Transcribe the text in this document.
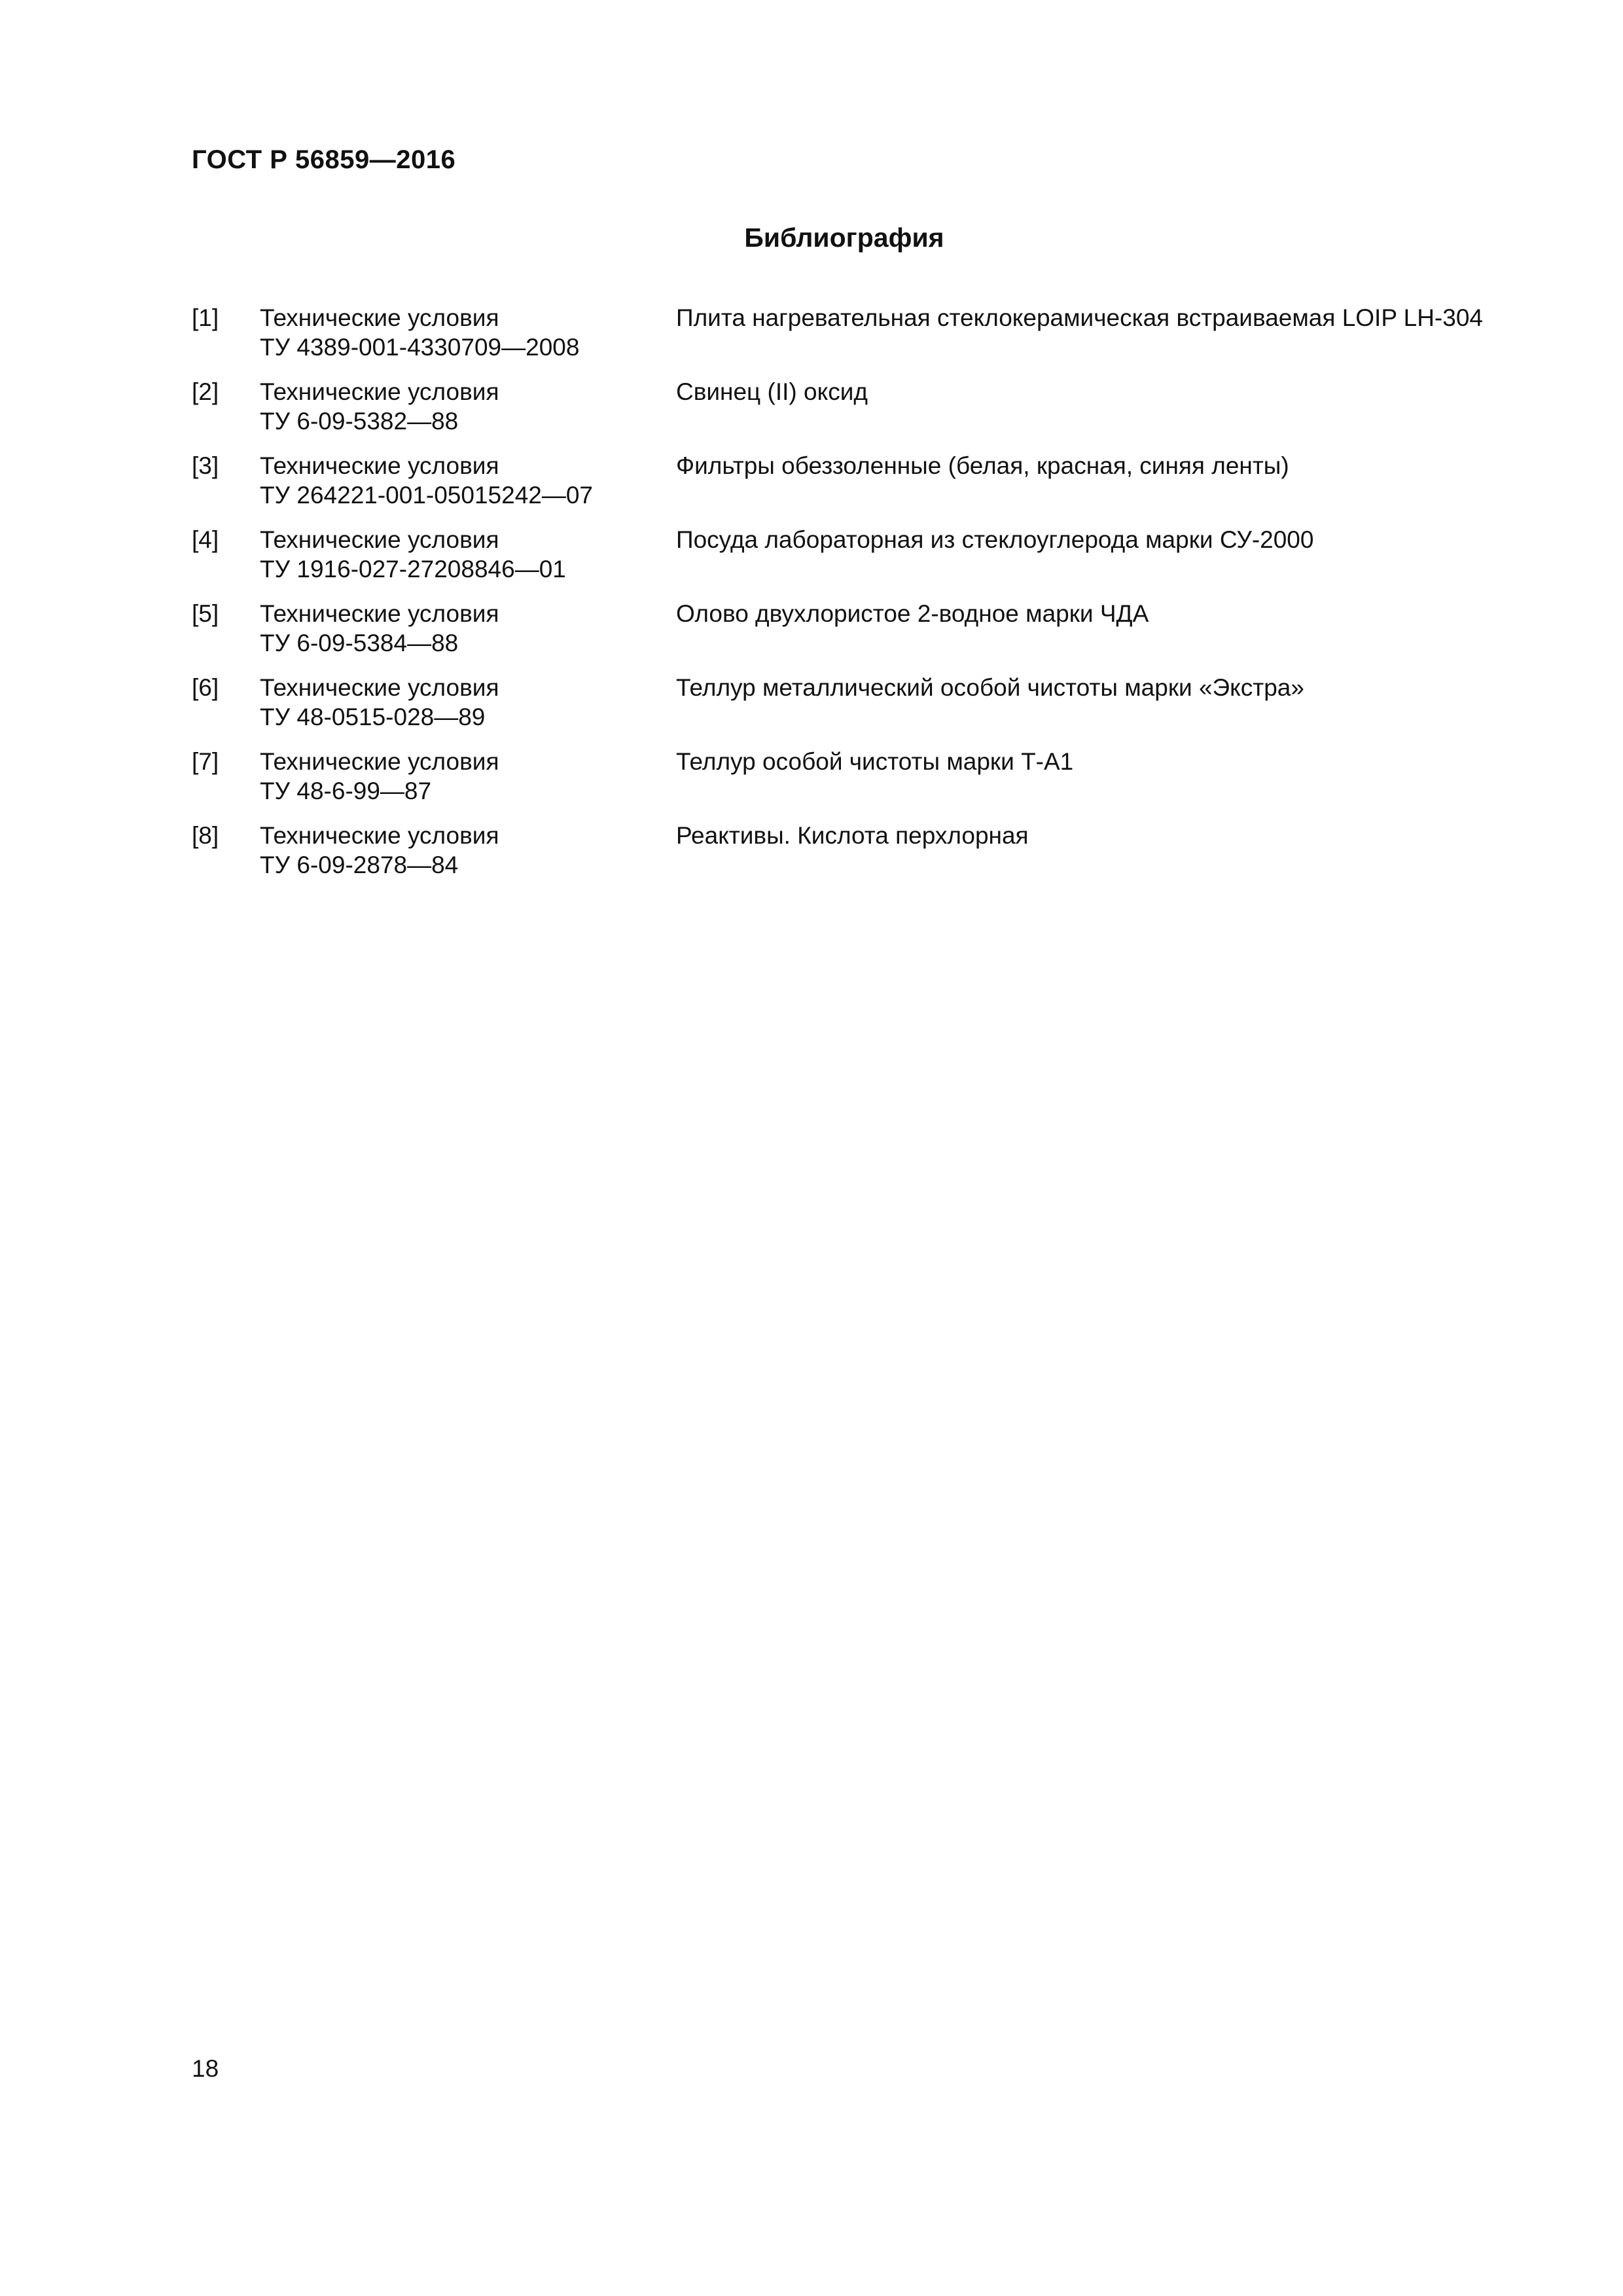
ГОСТ Р 56859—2016
Библиография
[1] Технические условия
ТУ 4389-001-4330709—2008
Плита нагревательная стеклокерамическая встраиваемая LOIP LH-304
[2] Технические условия
ТУ 6-09-5382—88
Свинец (II) оксид
[3] Технические условия
ТУ 264221-001-05015242—07
Фильтры обеззоленные (белая, красная, синяя ленты)
[4] Технические условия
ТУ 1916-027-27208846—01
Посуда лабораторная из стеклоуглерода марки СУ-2000
[5] Технические условия
ТУ 6-09-5384—88
Олово двухлористое 2-водное марки ЧДА
[6] Технические условия
ТУ 48-0515-028—89
Теллур металлический особой чистоты марки «Экстра»
[7] Технические условия
ТУ 48-6-99—87
Теллур особой чистоты марки Т-А1
[8] Технические условия
ТУ 6-09-2878—84
Реактивы. Кислота перхлорная
18
